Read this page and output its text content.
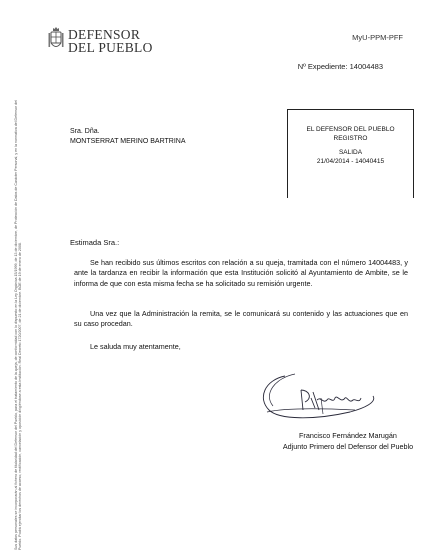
DEFENSOR
DEL PUEBLO
MyU-PPM-PFF
Nº Expediente: 14004483
Sus datos personales se incorporarán al fichero de titularidad del Defensor del Pueblo, para el tratamiento de la queja, de conformidad con lo dispuesto en la Ley Orgánica 15/1999, de 13 de diciembre, de Protección de Datos de Carácter Personal, y en la normativa del Defensor del Pueblo. Podrá ejercitar los derechos de acceso, rectificación, cancelación y oposición dirigiéndose a esta Institución. Real Decreto 1720/2007, de 21 de diciembre. BOE de 19 de enero de 2008.
Sra. Dña.
MONTSERRAT MERINO BARTRINA
EL DEFENSOR DEL PUEBLO
REGISTRO
SALIDA
21/04/2014 - 14040415
Estimada Sra.:
Se han recibido sus últimos escritos con relación a su queja, tramitada con el número 14004483, y ante la tardanza en recibir la información que esta Institución solicitó al Ayuntamiento de Ambite, se le informa de que con esta misma fecha se ha solicitado su remisión urgente.
Una vez que la Administración la remita, se le comunicará su contenido y las actuaciones que en su caso procedan.
Le saluda muy atentamente,
Francisco Fernández Marugán
Adjunto Primero del Defensor del Pueblo
